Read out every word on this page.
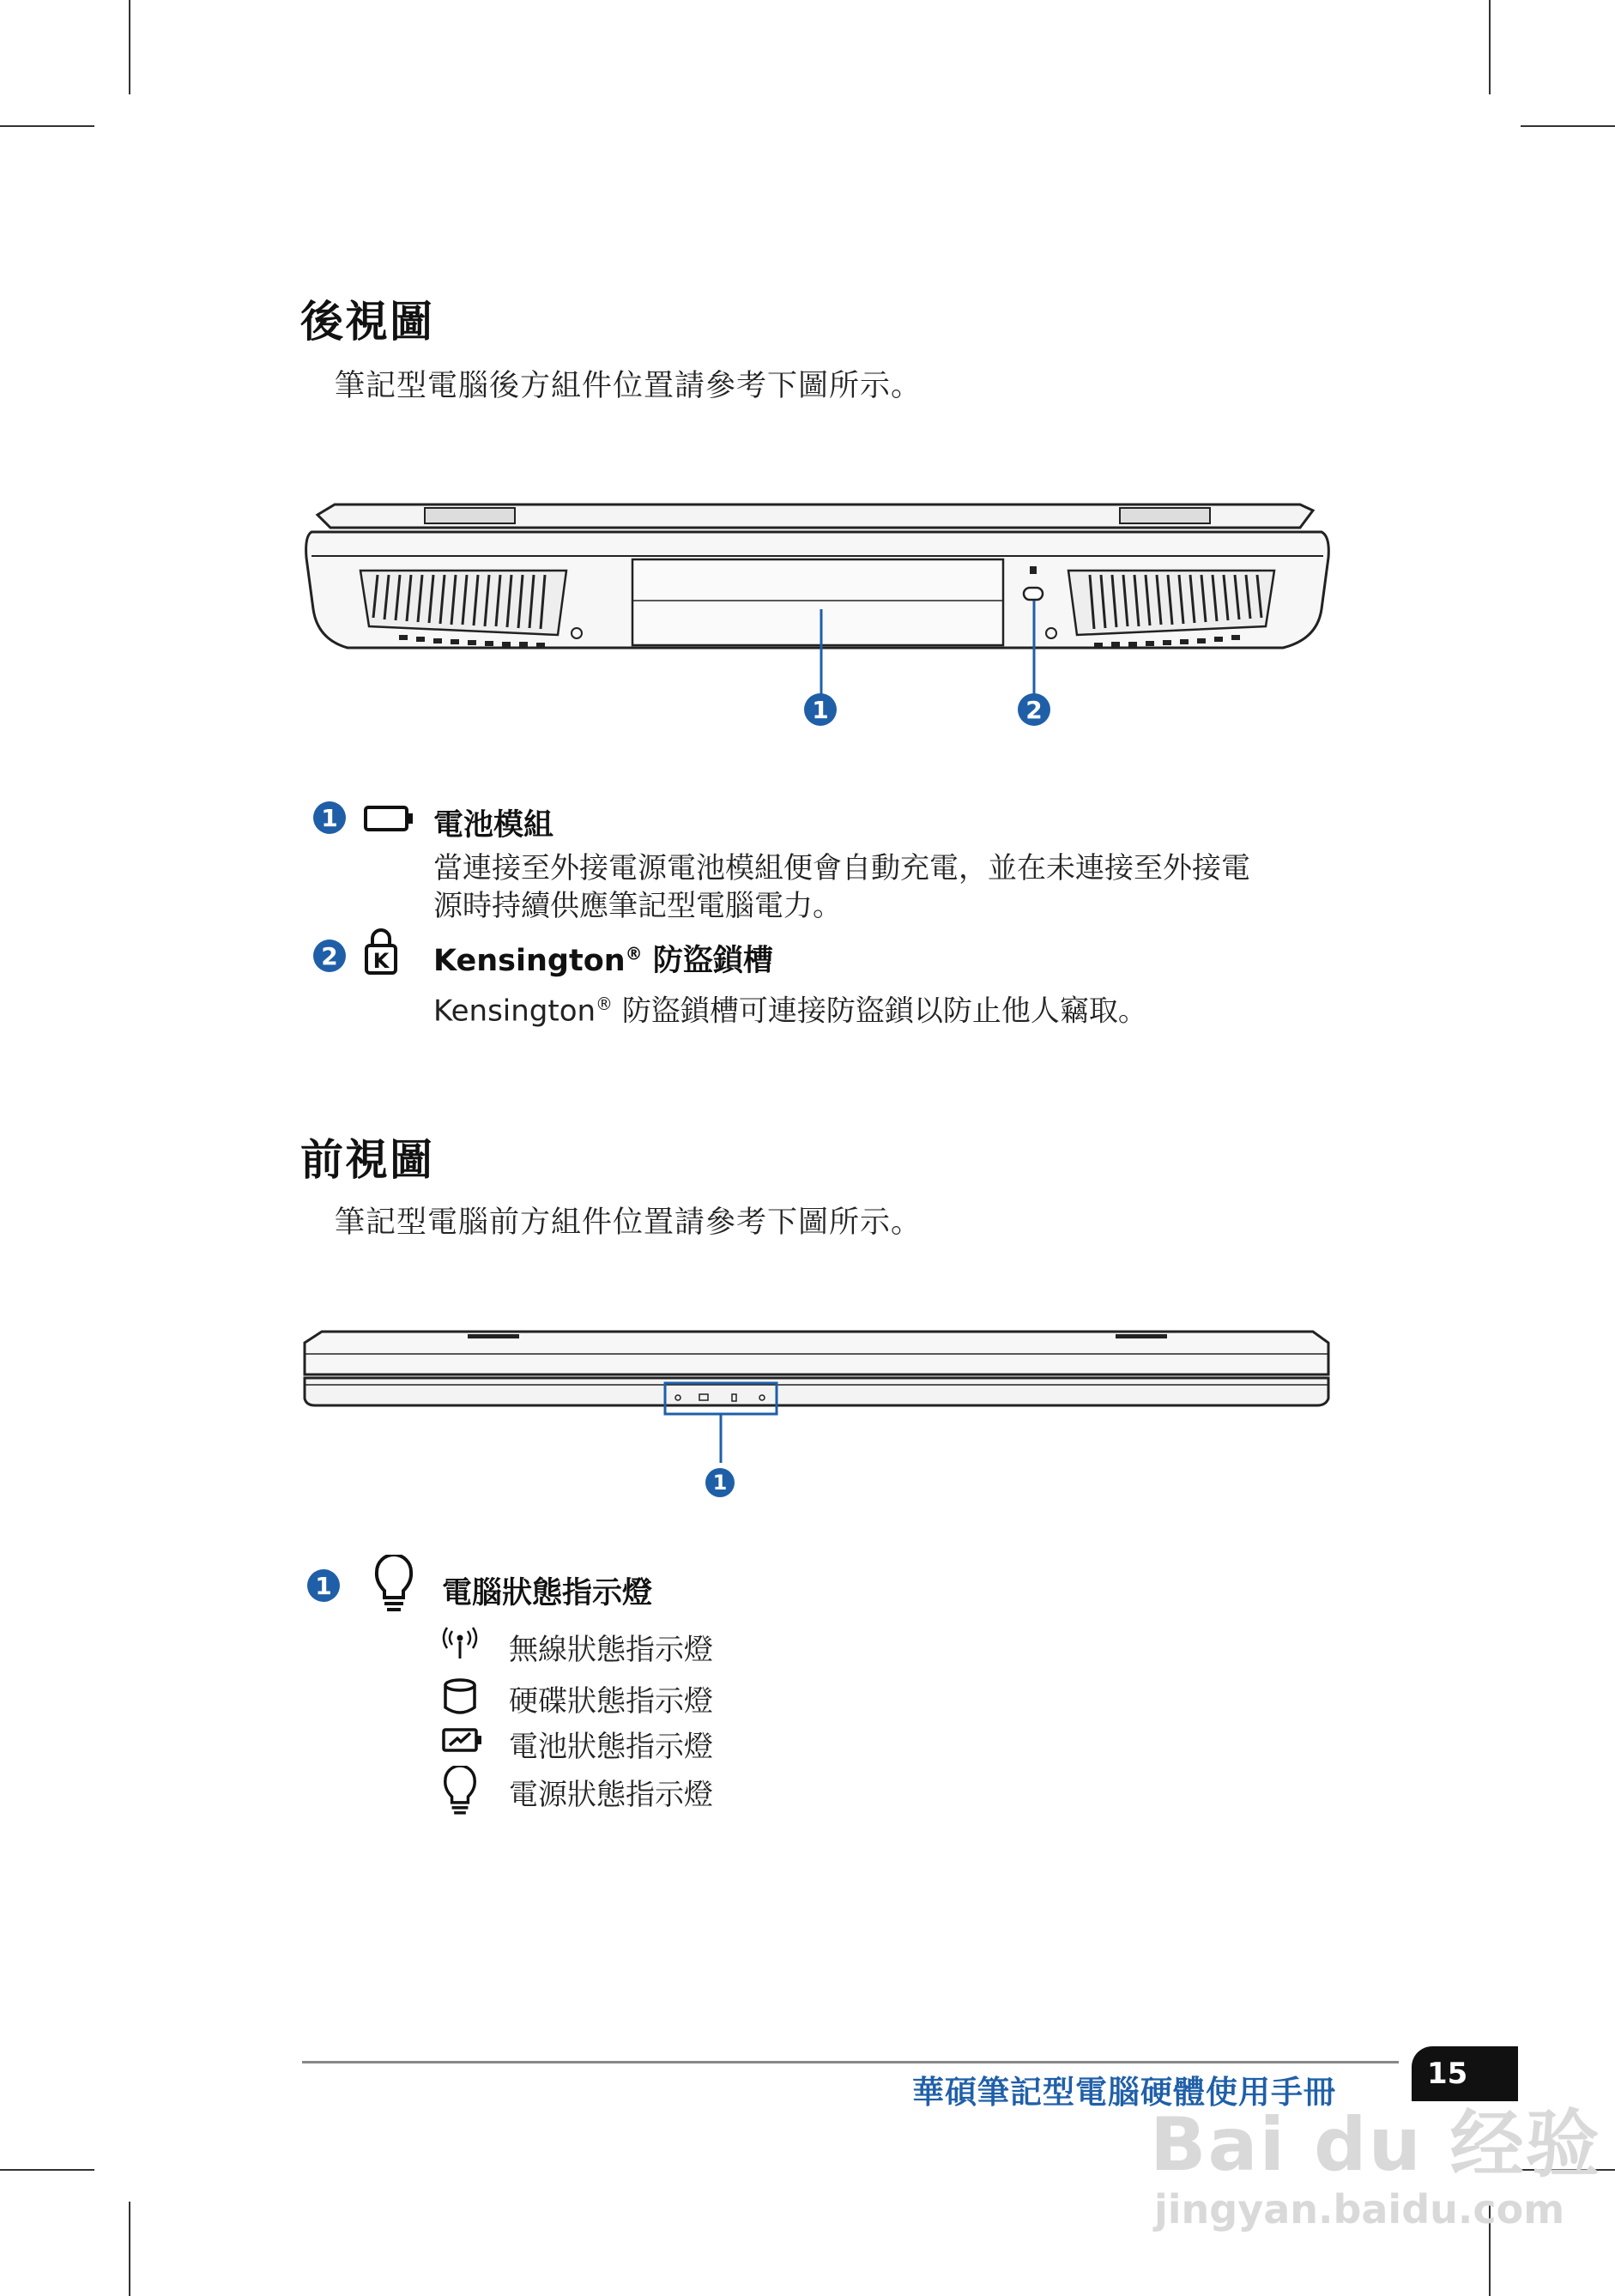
後視圖
筆記型電腦後方組件位置請參考下圖所示。
1	2
1	電池模組
當連接至外接電源電池模組便會自動充電，並在未連接至外接電
源時持續供應筆記型電腦電力。
2	K Kensington® 防盜鎖槽
Kensington® 防盜鎖槽可連接防盜鎖以防止他人竊取。
前視圖
筆記型電腦前方組件位置請參考下圖所示。
1
1	電腦狀態指示燈
無線狀態指示燈
硬碟狀態指示燈
電池狀態指示燈
電源狀態指示燈
華碩筆記型電腦硬體使用手冊	15
Bai du 经验
jingyan.baidu.com
